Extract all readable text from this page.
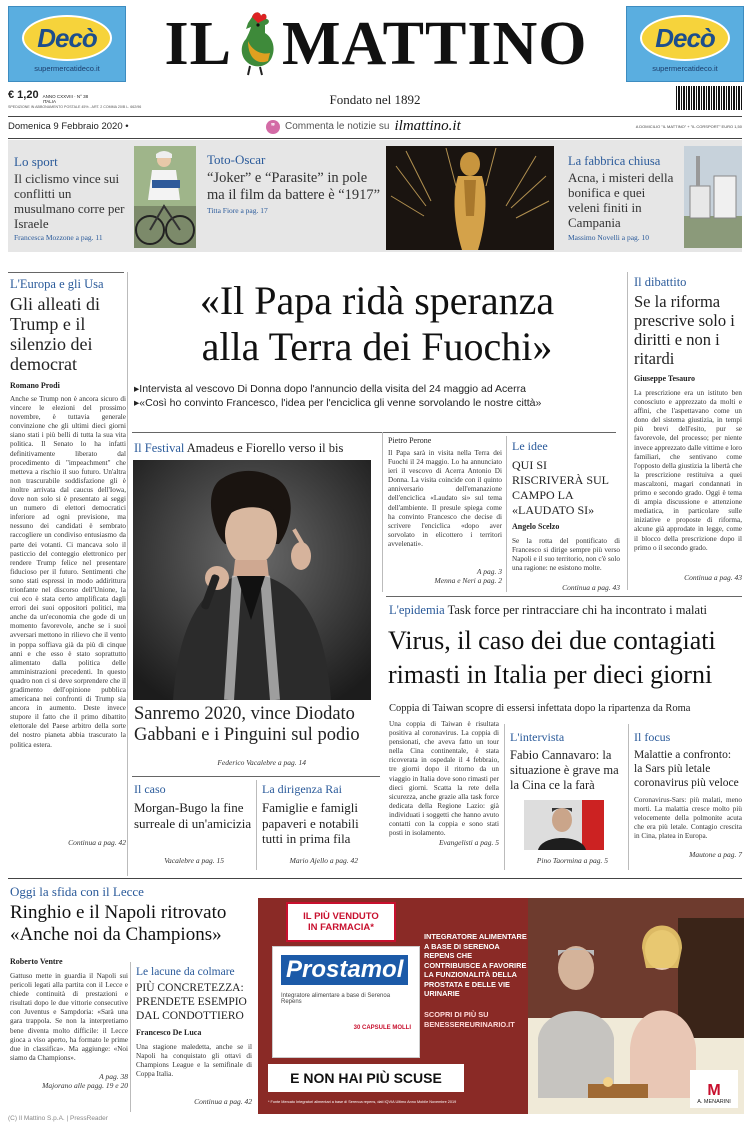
Decò
supermercatideco.it
Decò
supermercatideco.it
IL MATTINO
€ 1,20 ANNO CXXVIII · N° 38
ITALIA
SPEDIZIONE IN ABBONAMENTO POSTALE 45% - ART. 2 COMMA 20/B L. 662/96	Fondato nel 1892
Domenica 9 Febbraio 2020 •	❞ Commenta le notizie su ilmattino.it	A DOMICILIO "IL MATTINO" + "IL CORSPORT" EURO 1,50
Lo sport
Il ciclismo vince sui conflitti un musulmano corre per Israele
Francesca Mozzone a pag. 11
Toto-Oscar
“Joker” e “Parasite” in pole ma il film da battere è “1917”
Titta Fiore a pag. 17
La fabbrica chiusa
Acna, i misteri della bonifica e quei veleni finiti in Campania
Massimo Novelli a pag. 10
L'Europa e gli Usa
Gli alleati di Trump e il silenzio dei democrat
Romano Prodi
Anche se Trump non è ancora sicuro di vincere le elezioni del prossimo novembre, è tuttavia generale convinzione che gli ultimi dieci giorni siano stati i più belli di tutta la sua vita politica. Il Senato lo ha infatti definitivamente liberato dal procedimento di "impeachment" che metteva a rischio il suo futuro. Un'altra non trascurabile soddisfazione gli è inoltre arrivata dal caucus dell'Iowa, dove non solo si è presentato ai seggi un numero di elettori democratici inferiore ad ogni previsione, ma nessuno dei candidati è sembrato raccogliere un condiviso entusiasmo da parte dei votanti. Ci mancava solo il pasticcio del conteggio elettronico per rendere Trump felice nel presentare fiducioso per il futuro. Sentimenti che sono stati espressi in modo addirittura trionfante nel discorso dell'Unione, la cui eco è stata certo amplificata dagli errori dei suoi oppositori politici, ma anche da un'economia che gode di un momento favorevole, anche se i suoi avversari mettono in rilievo che il vento in poppa soffiava già da più di cinque anni e che esso è stato soprattutto alimentato dalla politica delle amministrazioni precedenti. In questo quadro non ci si deve sorprendere che il gradimento dell'opinione pubblica americana nei confronti di Trump sia ancora in aumento. Deste invece stupore il fatto che il primo dibattito elettorale del Paese arbitro della sorte del nostro pianeta abbia trascurato la politica estera.
Continua a pag. 42
«Il Papa ridà speranza
alla Terra dei Fuochi»
▸Intervista al vescovo Di Donna dopo l'annuncio della visita del 24 maggio ad Acerra
▸«Così ho convinto Francesco, l'idea per l'enciclica gli venne sorvolando le nostre città»
Il dibattito
Se la riforma prescrive solo i diritti e non i ritardi
Giuseppe Tesauro
La prescrizione era un istituto ben conosciuto e apprezzato da molti e affini, che l'aspettavano come un dono del sistema giustizia, in tempi più brevi dell'esito, pur se favorevole, del processo; per niente invece apprezzato dalle vittime e loro familiari, che sentivano come l'opposto della giustizia la libertà che la prescrizione restituiva a quei mascalzoni, magari condannati in primo e secondo grado. Oggi è tema di ampia discussione e attenzione mediatica, in particolare sulle iniziative e proposte di riforma, alcune già approdate in legge, come il blocco della prescrizione dopo il primo o il secondo grado.
Continua a pag. 43
Il Festival Amadeus e Fiorello verso il bis
Sanremo 2020, vince Diodato Gabbani e i Pinguini sul podio
Federico Vacalebre a pag. 14
Pietro Perone
Il Papa sarà in visita nella Terra dei Fuochi il 24 maggio. Lo ha annunciato ieri il vescovo di Acerra Antonio Di Donna. La visita coincide con il quinto anniversario dell'emanazione dell'enciclica «Laudato si» sul tema dell'ambiente. Il presule spiega come ha convinto Francesco che decise di scrivere l'enciclica «dopo aver sorvolato in elicottero i territori avvelenati».
A pag. 3
Menna e Neri a pag. 2
Le idee
QUI SI RISCRIVERÀ SUL CAMPO LA «LAUDATO SI»
Angelo Scelzo
Se la rotta del pontificato di Francesco si dirige sempre più verso Napoli e il suo territorio, non c'è solo una ragione: ne esistono molte.
Continua a pag. 43
L'epidemia Task force per rintracciare chi ha incontrato i malati
Virus, il caso dei due contagiati
rimasti in Italia per dieci giorni
Coppia di Taiwan scopre di essersi infettata dopo la ripartenza da Roma
Una coppia di Taiwan è risultata positiva al coronavirus. La coppia di pensionati, che aveva fatto un tour nella Cina continentale, è stata ricoverata in ospedale il 4 febbraio, tre giorni dopo il ritorno da un viaggio in Italia dove sono rimasti per dieci giorni. Scatta la rete della sicurezza, anche grazie alla task force dedicata della Regione Lazio: già individuati i soggetti che hanno avuto contatti con la coppia e sono stati posti in isolamento.
Evangelisti a pag. 5
L'intervista
Fabio Cannavaro: la situazione è grave ma la Cina ce la farà
Pino Taormina a pag. 5
Il focus
Malattie a confronto: la Sars più letale coronavirus più veloce
Coronavirus-Sars: più malati, meno morti. La malattia cresce molto più velocemente della polmonite acuta che era più letale. Contagio crescita in Cina, platea in Europa.
Mautone a pag. 7
Il caso
Morgan-Bugo la fine surreale di un'amicizia
Vacalebre a pag. 15
La dirigenza Rai
Famiglie e famigli papaveri e notabili tutti in prima fila
Mario Ajello a pag. 42
Oggi la sfida con il Lecce
Ringhio e il Napoli ritrovato
«Anche noi da Champions»
Roberto Ventre
Gattuso mette in guardia il Napoli sui pericoli legati alla partita con il Lecce e chiede continuità di prestazioni e risultati dopo le due vittorie consecutive con Juventus e Sampdoria: «Sarà una gara trappola. Se non la interpretiamo bene diventa molto difficile: il Lecce gioca a viso aperto, ha formato le prime due in classifica». Ma aggiunge: «Noi siamo da Champions».
A pag. 38
Majorano alle pagg. 19 e 20
Le lacune da colmare
PIÙ CONCRETEZZA: PRENDETE ESEMPIO DAL CONDOTTIERO
Francesco De Luca
Una stagione maledetta, anche se il Napoli ha conquistato gli ottavi di Champions League e la semifinale di Coppa Italia.
Continua a pag. 42
IL PIÙ VENDUTO
IN FARMACIA*
Prostamol
Integratore alimentare a base di Serenoa Repens
30 CAPSULE MOLLI
INTEGRATORE ALIMENTARE A BASE DI SERENOA REPENS CHE CONTRIBUISCE A FAVORIRE LA FUNZIONALITÀ DELLA PROSTATA E DELLE VIE URINARIE
SCOPRI DI PIÙ SU BENESSEREURINARIO.IT
E NON HAI PIÙ SCUSE
* Fonte Mercato Integratori alimentari a base di Serenoa repens, dati IQVIA Ultimo Anno Mobile Novembre 2019
M
A. MENARINI
(C) Il Mattino S.p.A. | PressReader
